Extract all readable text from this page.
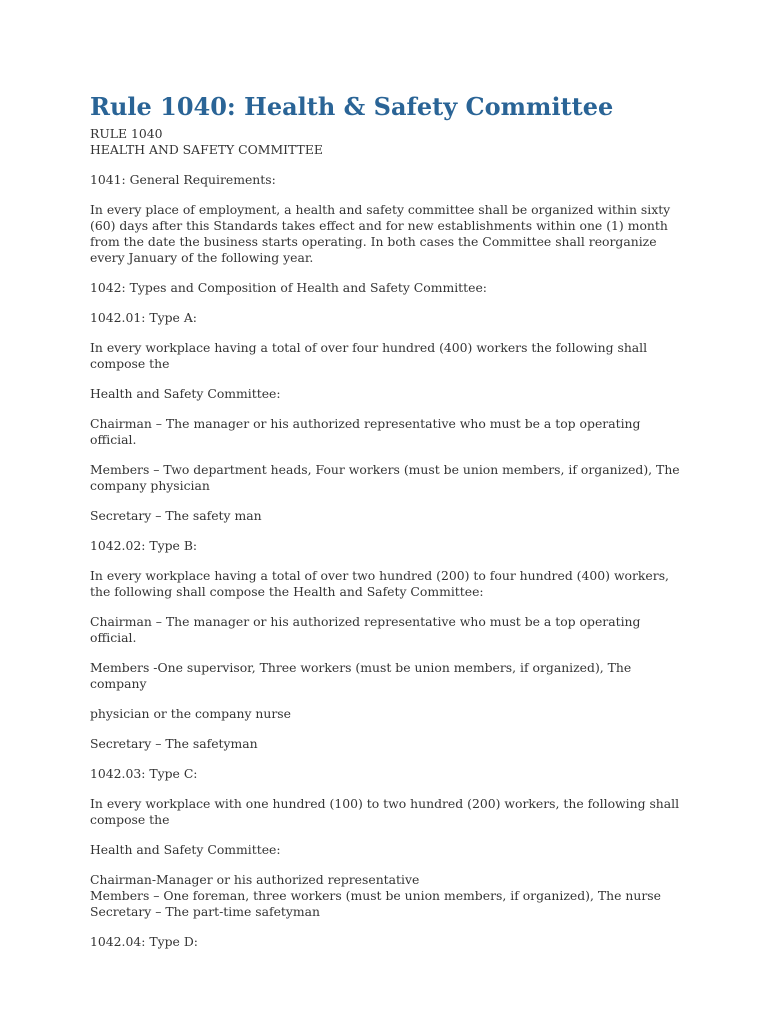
Rule 1040: Health & Safety Committee
RULE 1040
HEALTH AND SAFETY COMMITTEE
1041: General Requirements:
In every place of employment, a health and safety committee shall be organized within sixty (60) days after this Standards takes effect and for new establishments within one (1) month from the date the business starts operating. In both cases the Committee shall reorganize every January of the following year.
1042: Types and Composition of Health and Safety Committee:
1042.01: Type A:
In every workplace having a total of over four hundred (400) workers the following shall compose the
Health and Safety Committee:
Chairman – The manager or his authorized representative who must be a top operating official.
Members – Two department heads, Four workers (must be union members, if organized), The company physician
Secretary – The safety man
1042.02: Type B:
In every workplace having a total of over two hundred (200) to four hundred (400) workers, the following shall compose the Health and Safety Committee:
Chairman – The manager or his authorized representative who must be a top operating official.
Members -One supervisor, Three workers (must be union members, if organized), The company
physician or the company nurse
Secretary – The safetyman
1042.03: Type C:
In every workplace with one hundred (100) to two hundred (200) workers, the following shall compose the
Health and Safety Committee:
Chairman-Manager or his authorized representative
Members – One foreman, three workers (must be union members, if organized), The nurse
Secretary – The part-time safetyman
1042.04: Type D:
